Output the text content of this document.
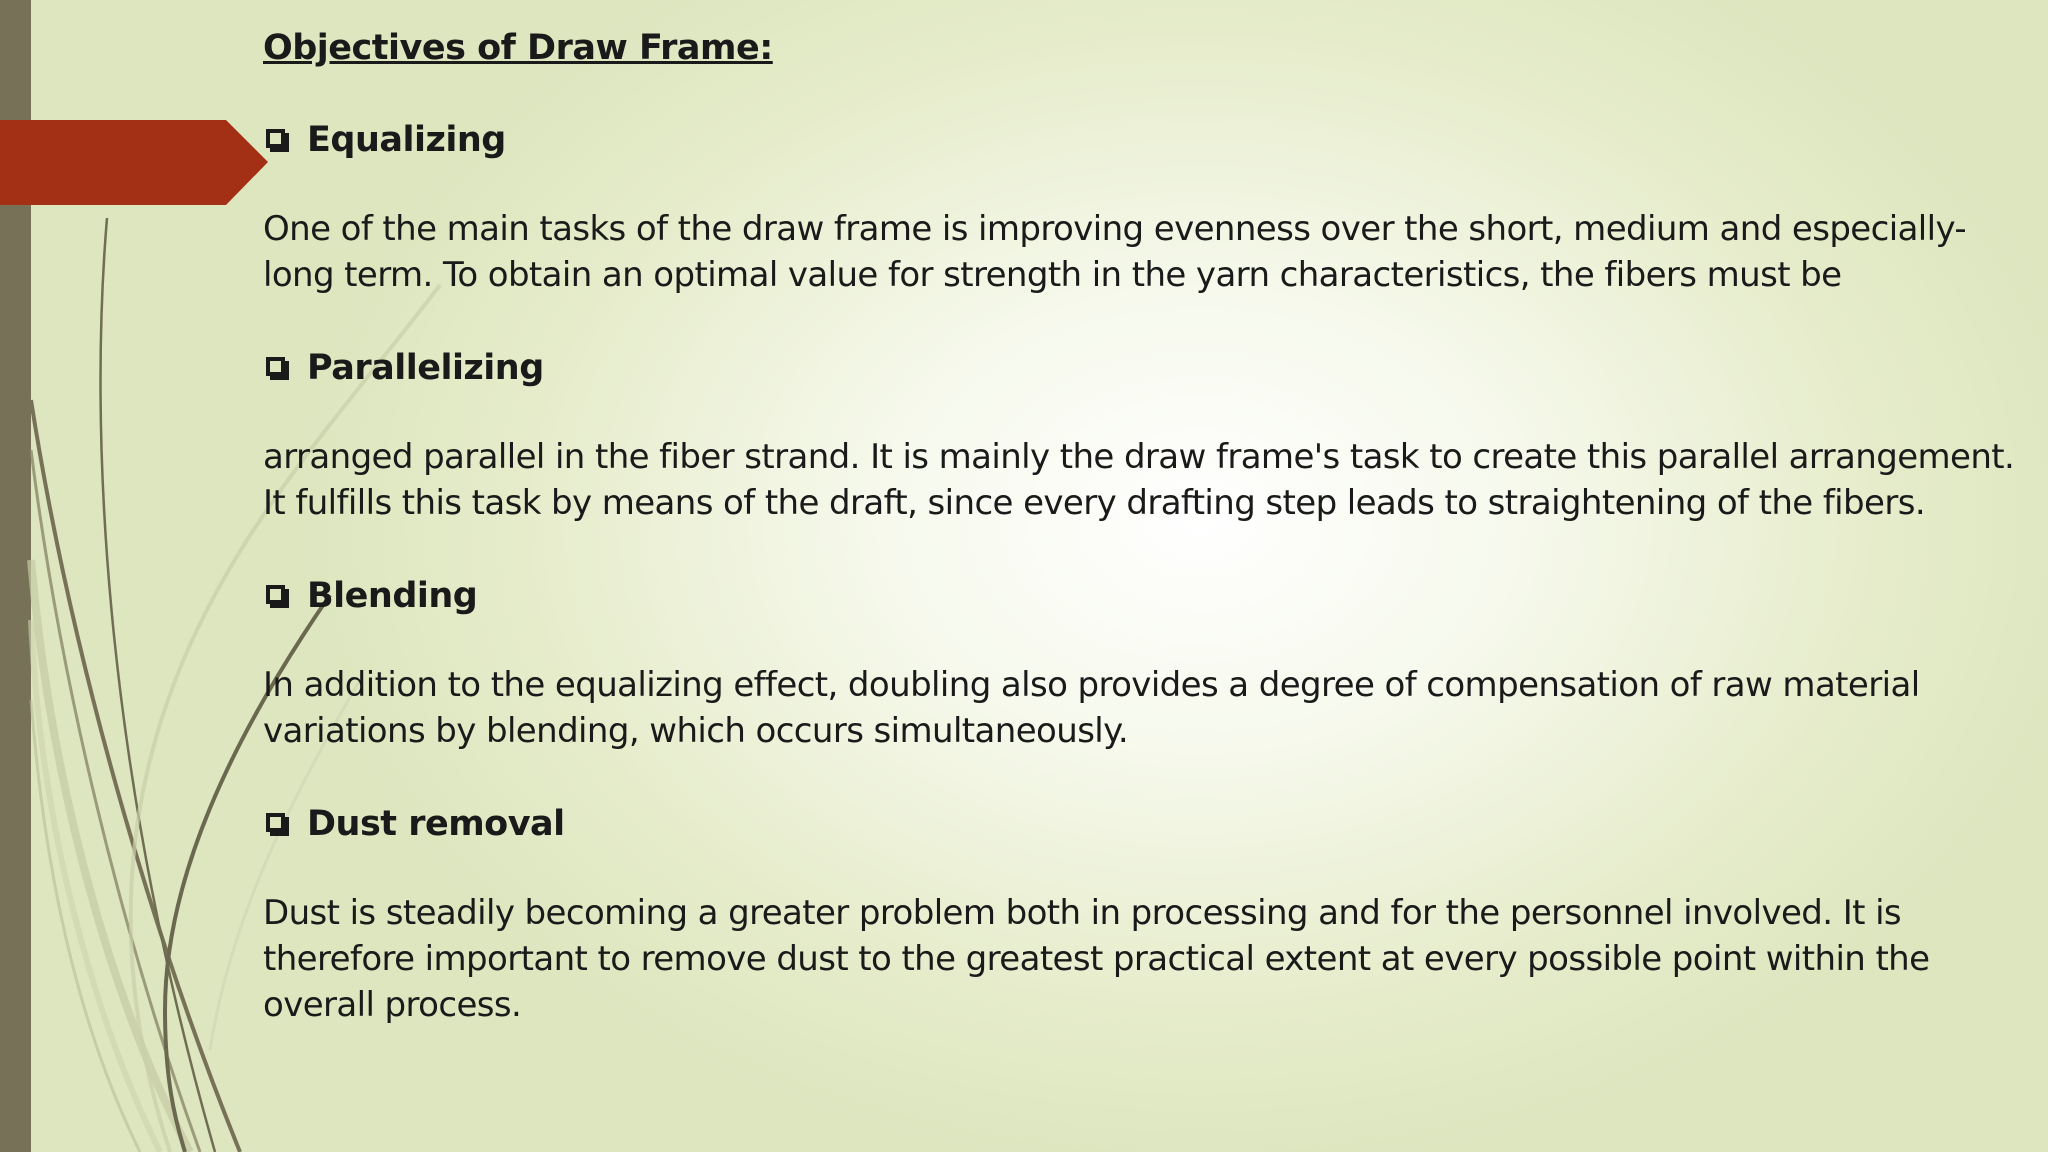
Objectives of Draw Frame:
Equalizing
One of the main tasks of the draw frame is improving evenness over the short, medium and especially-long term. To obtain an optimal value for strength in the yarn characteristics, the fibers must be
Parallelizing
arranged parallel in the fiber strand. It is mainly the draw frame's task to create this parallel arrangement. It fulfills this task by means of the draft, since every drafting step leads to straightening of the fibers.
Blending
In addition to the equalizing effect, doubling also provides a degree of compensation of raw material variations by blending, which occurs simultaneously.
Dust removal
Dust is steadily becoming a greater problem both in processing and for the personnel involved. It is therefore important to remove dust to the greatest practical extent at every possible point within the overall process.
